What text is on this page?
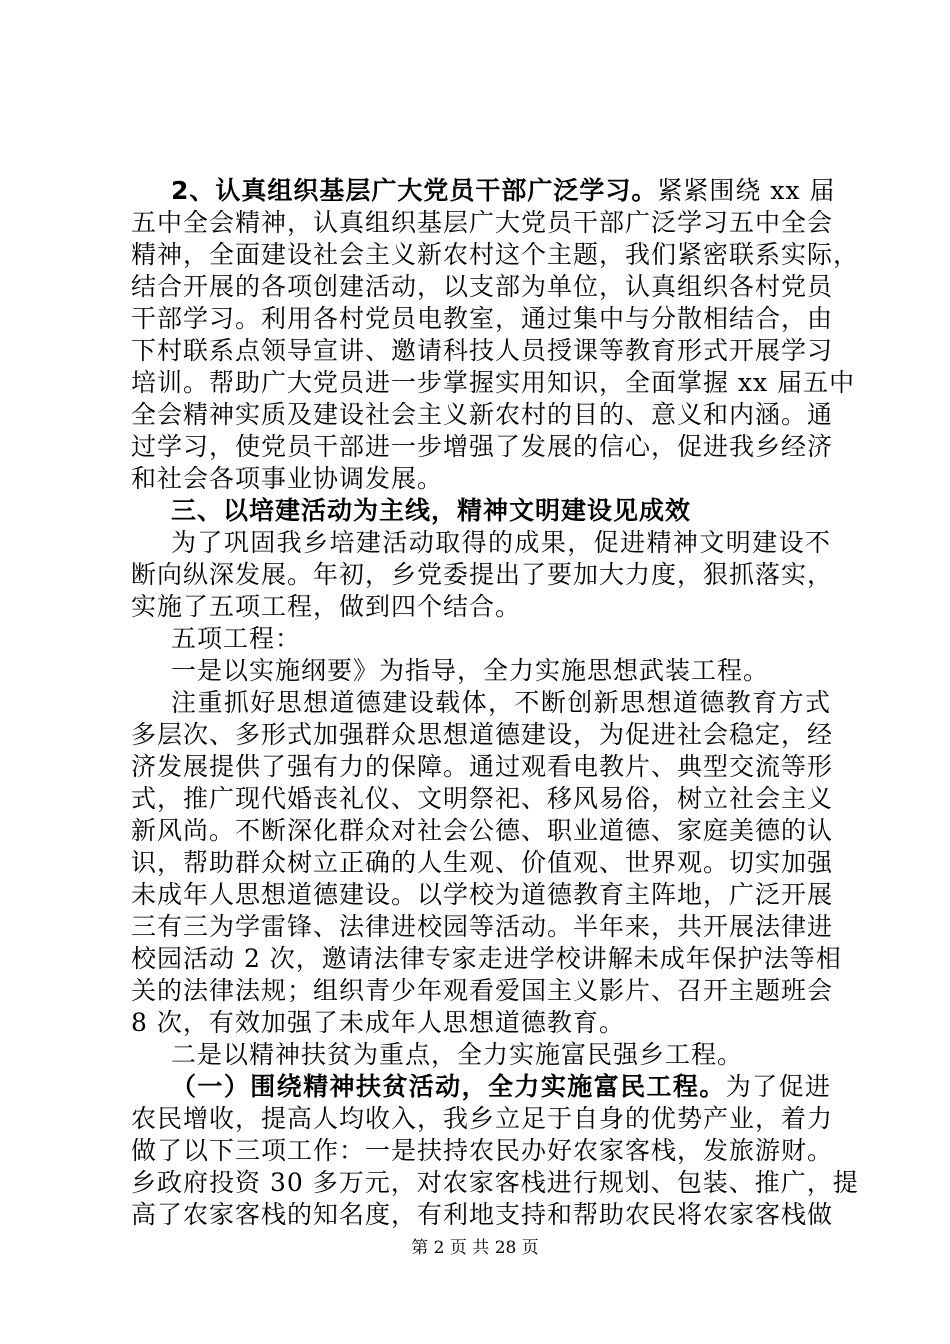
2、认真组织基层广大党员干部广泛学习。紧紧围绕 xx 届
五中全会精神，认真组织基层广大党员干部广泛学习五中全会
精神，全面建设社会主义新农村这个主题，我们紧密联系实际，
结合开展的各项创建活动，以支部为单位，认真组织各村党员
干部学习。利用各村党员电教室，通过集中与分散相结合，由
下村联系点领导宣讲、邀请科技人员授课等教育形式开展学习
培训。帮助广大党员进一步掌握实用知识，全面掌握 xx 届五中
全会精神实质及建设社会主义新农村的目的、意义和内涵。通
过学习，使党员干部进一步增强了发展的信心，促进我乡经济
和社会各项事业协调发展。
三、以培建活动为主线，精神文明建设见成效
为了巩固我乡培建活动取得的成果，促进精神文明建设不
断向纵深发展。年初，乡党委提出了要加大力度，狠抓落实，
实施了五项工程，做到四个结合。
五项工程：
一是以实施纲要》为指导，全力实施思想武装工程。
注重抓好思想道德建设载体，不断创新思想道德教育方式
多层次、多形式加强群众思想道德建设，为促进社会稳定，经
济发展提供了强有力的保障。通过观看电教片、典型交流等形
式，推广现代婚丧礼仪、文明祭祀、移风易俗，树立社会主义
新风尚。不断深化群众对社会公德、职业道德、家庭美德的认
识，帮助群众树立正确的人生观、价值观、世界观。切实加强
未成年人思想道德建设。以学校为道德教育主阵地，广泛开展
三有三为学雷锋、法律进校园等活动。半年来，共开展法律进
校园活动 2 次，邀请法律专家走进学校讲解未成年保护法等相
关的法律法规；组织青少年观看爱国主义影片、召开主题班会
8 次，有效加强了未成年人思想道德教育。
二是以精神扶贫为重点，全力实施富民强乡工程。
（一）围绕精神扶贫活动，全力实施富民工程。为了促进
农民增收，提高人均收入，我乡立足于自身的优势产业，着力
做了以下三项工作：一是扶持农民办好农家客栈，发旅游财。
乡政府投资 30 多万元，对农家客栈进行规划、包装、推广，提
高了农家客栈的知名度，有利地支持和帮助农民将农家客栈做
第 2 页 共 28 页
